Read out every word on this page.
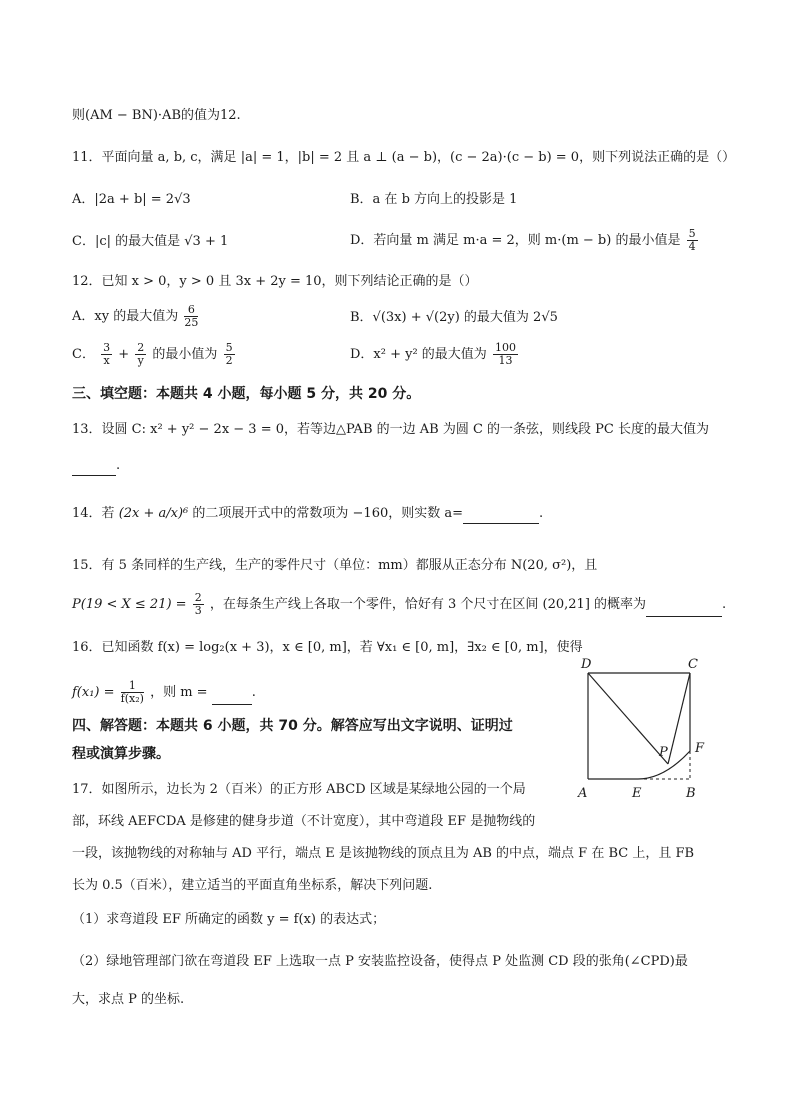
则(AM − BN)·AB的值为12.
11．平面向量 a, b, c，满足 |a| = 1，|b| = 2 且 a ⊥ (a − b)，(c − 2a)·(c − b) = 0，则下列说法正确的是（）
A．|2a + b| = 2√3	B．a 在 b 方向上的投影是 1
C．|c| 的最大值是 √3 + 1	D．若向量 m 满足 m·a = 2，则 m·(m − b) 的最小值是 $\frac{5}{4}$
12．已知 x > 0，y > 0 且 3x + 2y = 10，则下列结论正确的是（）
A．xy 的最大值为 $\frac{6}{25}$	B．√(3x) + √(2y) 的最大值为 2√5
C． $\frac{3}{x} + \frac{2}{y}$ 的最小值为 $\frac{5}{2}$	D．x² + y² 的最大值为 $\frac{100}{13}$
三、填空题：本题共 4 小题，每小题 5 分，共 20 分。
13．设圆 C: x² + y² − 2x − 3 = 0，若等边△PAB 的一边 AB 为圆 C 的一条弦，则线段 PC 长度的最大值为
.
14．若 (2x + a/x)⁶ 的二项展开式中的常数项为 −160，则实数 a=	.
15．有 5 条同样的生产线，生产的零件尺寸（单位：mm）都服从正态分布 N(20, σ²)，且
$P(19 < X \le 21) = \frac{2}{3}$ ，在每条生产线上各取一个零件，恰好有 3 个尺寸在区间 (20,21] 的概率为	.
16．已知函数 f(x) = log₂(x + 3)，x ∈ [0, m]，若 ∀x₁ ∈ [0, m]，∃x₂ ∈ [0, m]，使得
$f(x_1) = \frac{1}{\text{f(x₂)}}$ ，则 m =	.
四、解答题：本题共 6 小题，共 70 分。解答应写出文字说明、证明过
程或演算步骤。
17．如图所示，边长为 2（百米）的正方形 ABCD 区域是某绿地公园的一个局
部，环线 AEFCDA 是修建的健身步道（不计宽度），其中弯道段 EF 是抛物线的
一段，该抛物线的对称轴与 AD 平行，端点 E 是该抛物线的顶点且为 AB 的中点，端点 F 在 BC 上，且 FB
长为 0.5（百米），建立适当的平面直角坐标系，解决下列问题.
（1）求弯道段 EF 所确定的函数 y = f(x) 的表达式；
（2）绿地管理部门欲在弯道段 EF 上选取一点 P 安装监控设备，使得点 P 处监测 CD 段的张角(∠CPD)最
大，求点 P 的坐标.
D	C
P F
A	E	B
